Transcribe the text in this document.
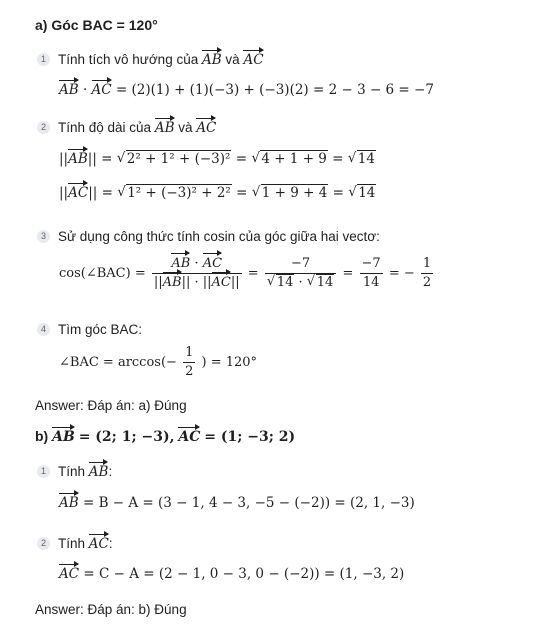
a) Góc BAC = 120°
1 Tính tích vô hướng của AB và AC
AB · AC = (2)(1) + (1)(−3) + (−3)(2) = 2 − 3 − 6 = −7
2 Tính độ dài của AB và AC
||AB|| = √ 2² + 1² + (−3)² = √ 4 + 1 + 9 = √ 14
||AC|| = √ 1² + (−3)² + 2² = √ 1 + 9 + 4 = √ 14
3 Sử dụng công thức tính cosin của góc giữa hai vectơ:
cos(∠BAC) = $\frac{AB \cdot AC}{||AB|| \cdot ||AC||} = -7$
√ 14 · √ $14 = \frac{-7}{14}$ = − $\frac{1}{2}$
4 Tìm góc BAC:
∠BAC = $\arccos(- \frac{1}{2}$ ) = 120°
Answer: Đáp án: a) Đúng
b) AB = (2; 1; −3), AC = (1; −3; 2)
1 Tính AB:
AB = B − A = (3 − 1, 4 − 3, −5 − (−2)) = (2, 1, −3)
2 Tính AC:
AC = C − A = (2 − 1, 0 − 3, 0 − (−2)) = (1, −3, 2)
Answer: Đáp án: b) Đúng
